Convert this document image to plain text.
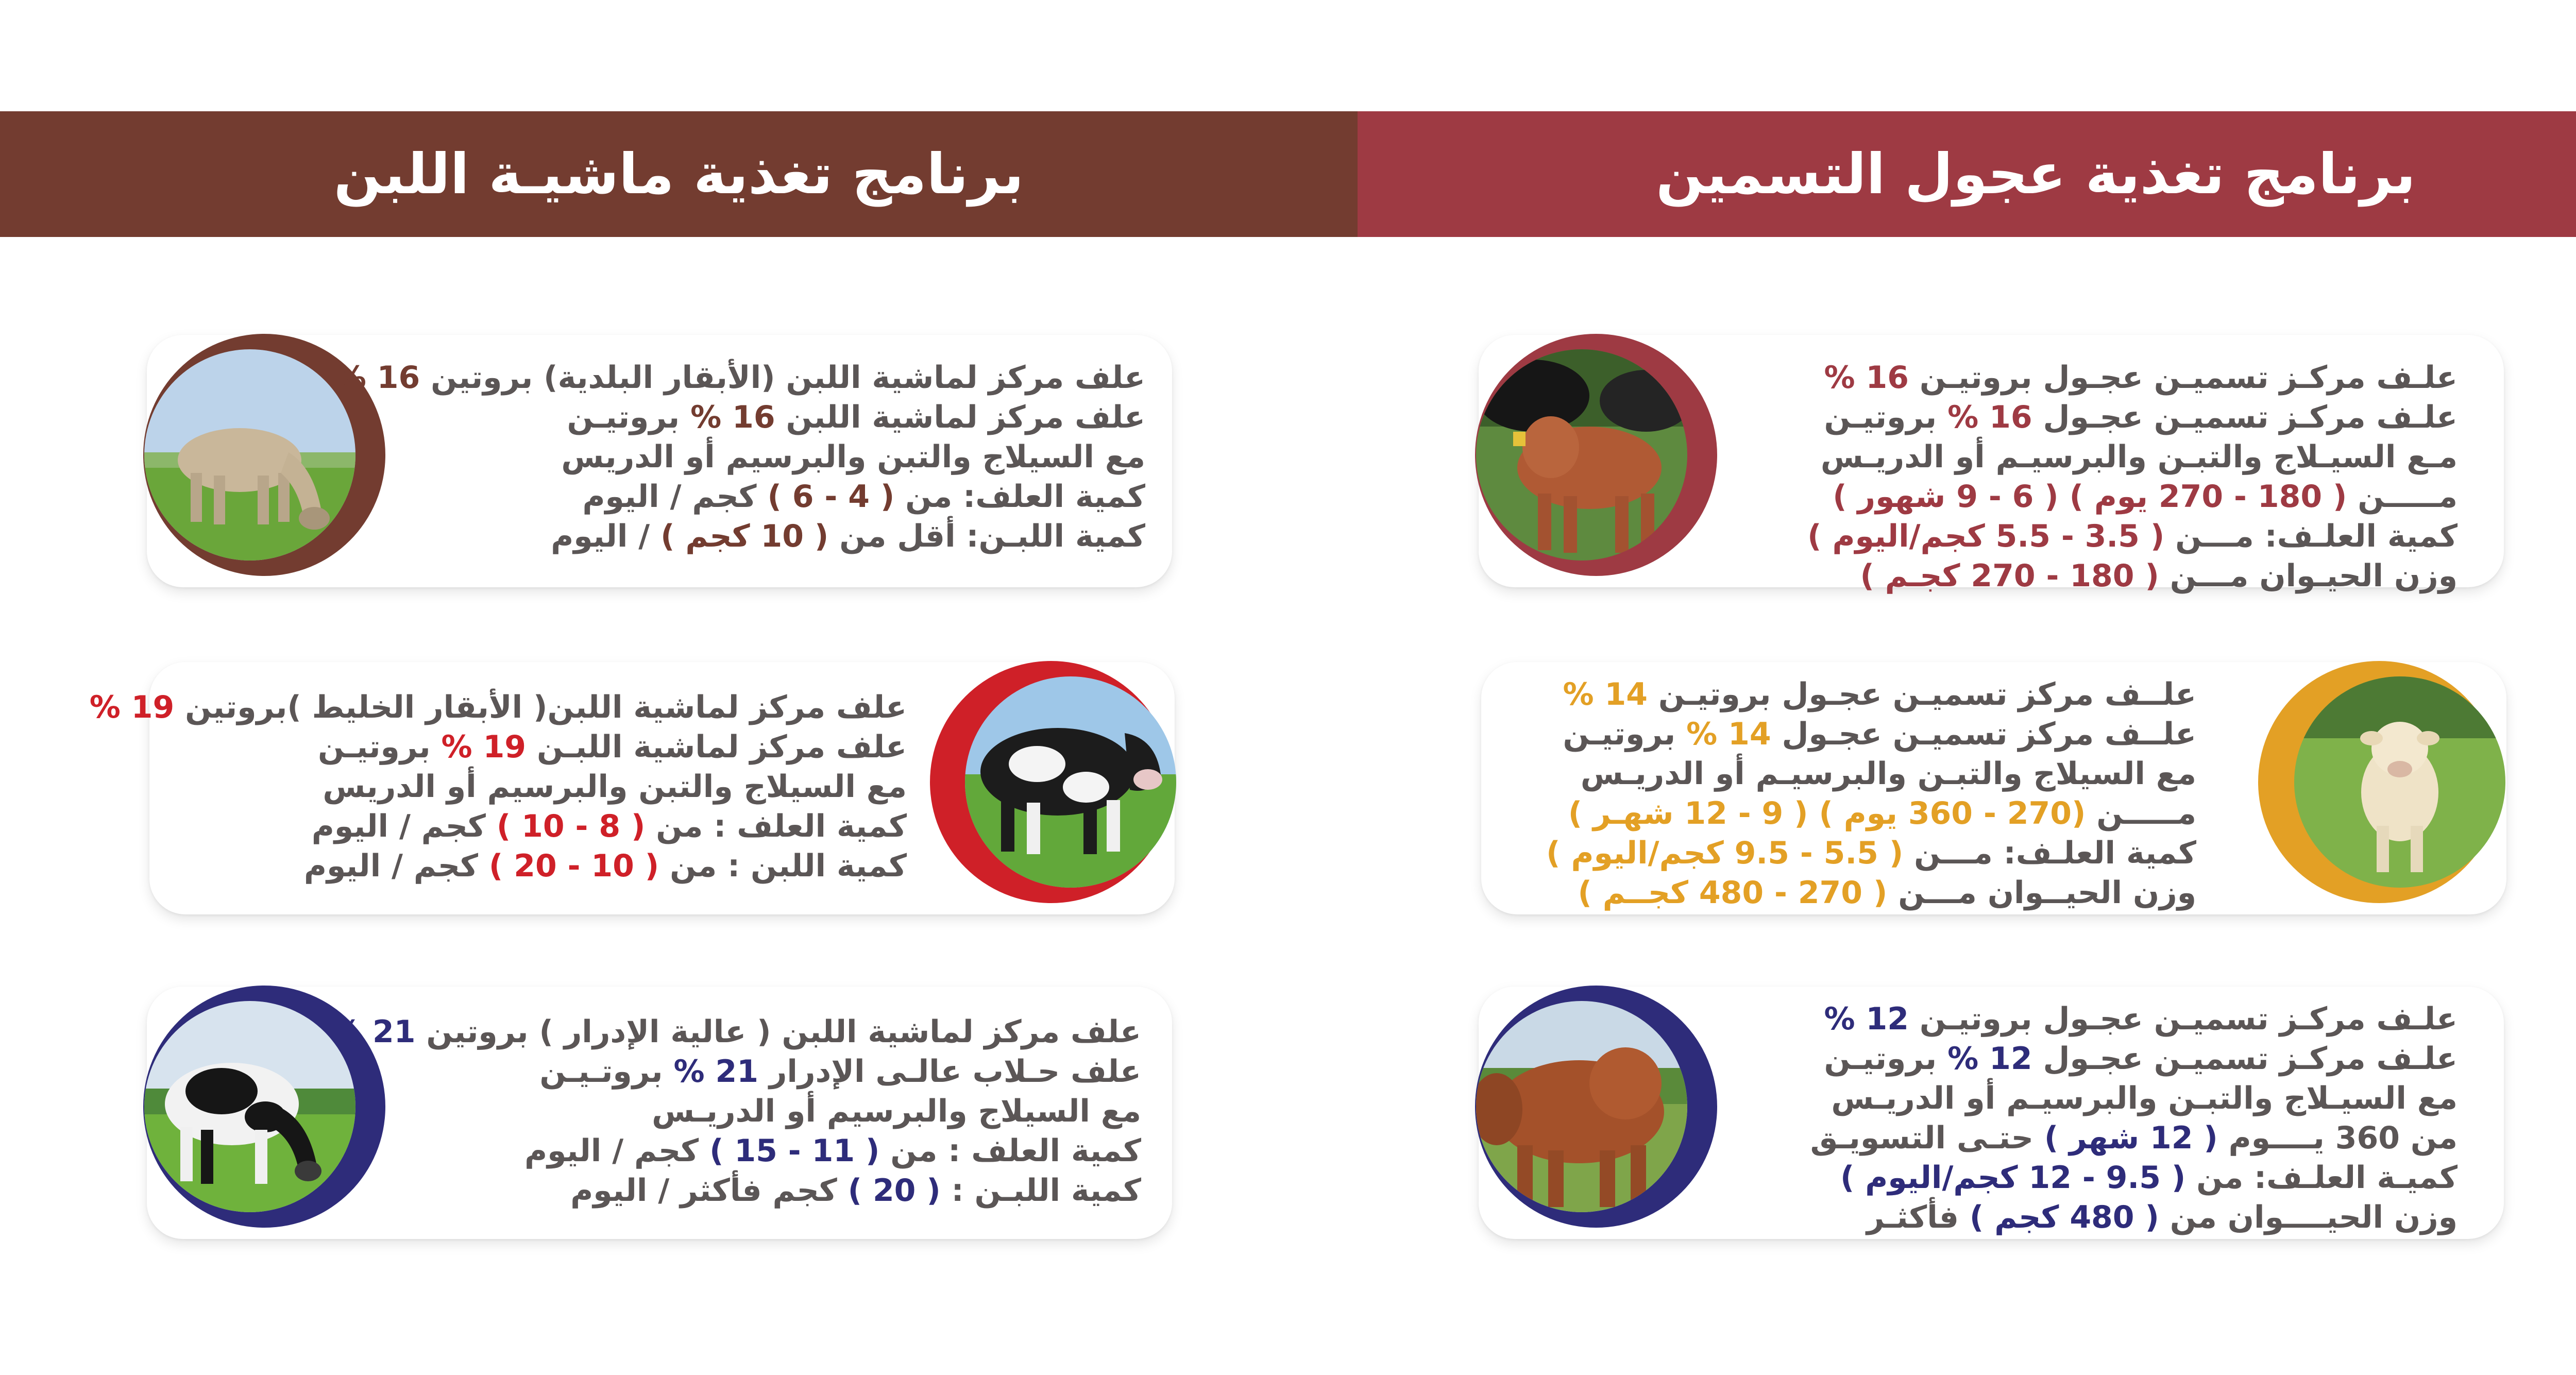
برنامج تغذية ماشيـة اللبن	برنامج تغذية عجول التسمين
علف مركز لماشية اللبن (الأبقار البلدية) بروتين 16 %
علف مركز لماشية اللبن 16 % بروتيـن
مع السيلاج والتبن والبرسيم أو الدريس
كمية العلف: من ( 4 - 6 ) كجم / اليوم
كمية اللبـن: أقل من ( 10 كجم ) / اليوم
علف مركز لماشية اللبن( الأبقار الخليط )بروتين 19 %
علف مركز لماشية اللبـن 19 % بروتيـن
مع السيلاج والتبن والبرسيم أو الدريس
كمية العلف : من ( 8 - 10 ) كجم / اليوم
كمية اللبن : من ( 10 - 20 ) كجم / اليوم
علف مركز لماشية اللبن ( عالية الإدرار ) بروتين 21 %
علف حـلاب عالـى الإدرار 21 % بروتـيـن
مع السيلاج والبرسيم أو الدريـس
كمية العلف : من ( 11 - 15 ) كجم / اليوم
كمية اللبـن : ( 20 ) كجم فأكثر / اليوم
علـف مركـز تسميـن عجـول بروتيـن 16 %
علـف مركـز تسميـن عجـول 16 % بروتيـن
مـع السيـلاج والتبـن والبرسيـم أو الدريـس
مـــــن ( 180 - 270 يوم ) ( 6 - 9 شهور )
كمية العلـف: مـــن ( 3.5 - 5.5 كجم/اليوم )
وزن الحيـوان مـــن ( 180 - 270 كجـم )
علــف مركز تسميـن عجـول بروتيـن 14 %
علــف مركز تسميـن عجـول 14 % بروتيـن
مع السيلاج والتبـن والبرسيـم أو الدريـس
مـــــن (270 - 360 يوم ) ( 9 - 12 شهـر )
كمية العلـف: مـــن ( 5.5 - 9.5 كجم/اليوم )
وزن الحيــوان مـــن ( 270 - 480 كجــم )
علـف مركـز تسميـن عجـول بروتيـن 12 %
علـف مركـز تسميـن عجـول 12 % بروتيـن
مع السيـلاج والتبـن والبرسيـم أو الدريـس
من 360 يــــوم ( 12 شهر ) حتـى التسويـق
كميـة العلـف: من ( 9.5 - 12 كجم/اليوم )
وزن الحيــــوان من ( 480 كجم ) فأكثـر
